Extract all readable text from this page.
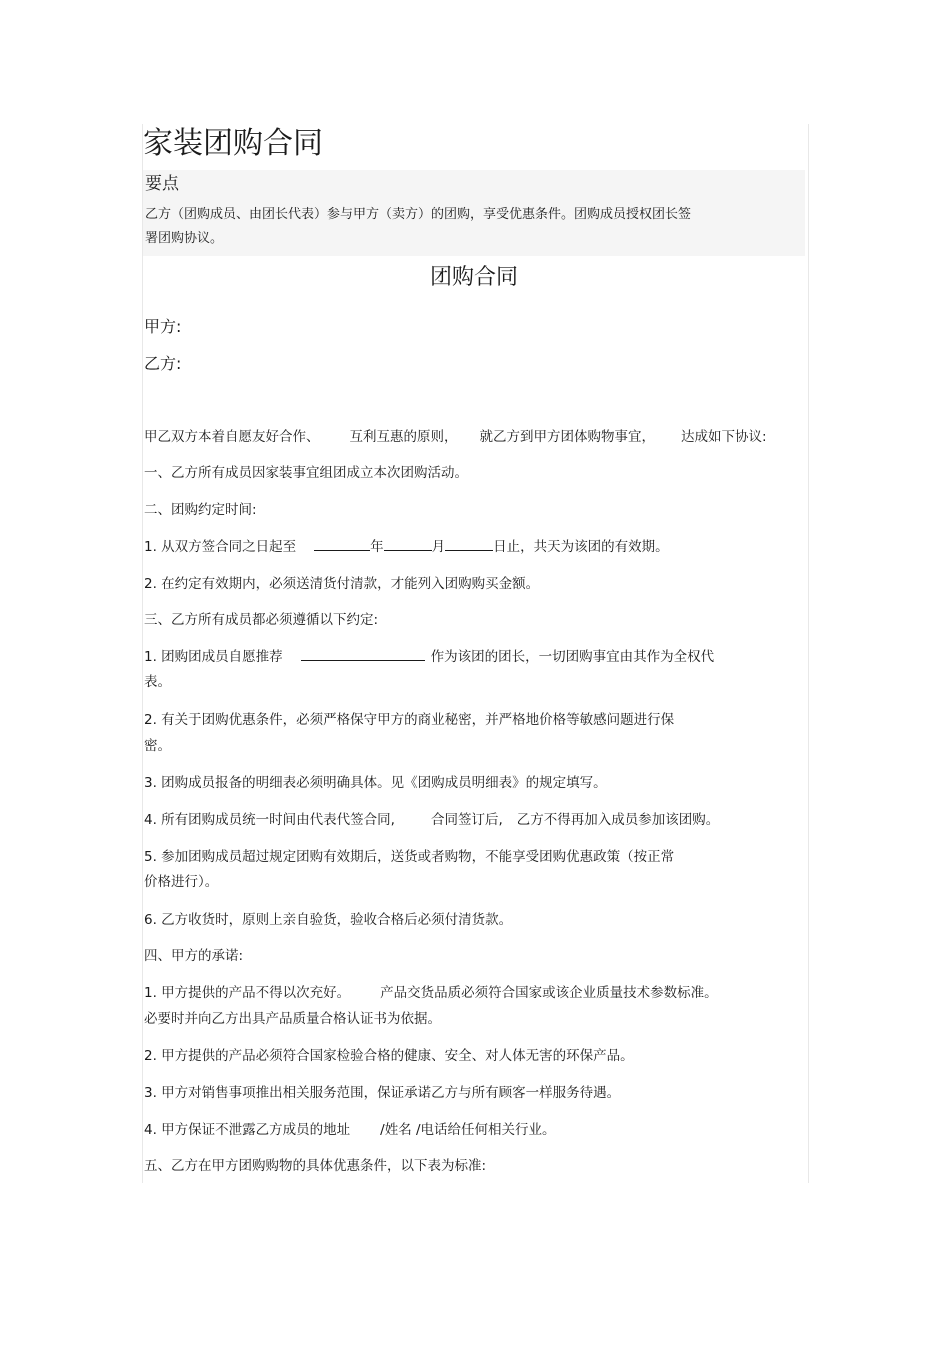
家装团购合同
要点
乙方（团购成员、由团长代表）参与甲方（卖方）的团购，享受优惠条件。团购成员授权团长签
署团购协议。
团购合同
甲方:
乙方:
甲乙双方本着自愿友好合作、 互利互惠的原则， 就乙方到甲方团体购物事宜， 达成如下协议:
一、乙方所有成员因家装事宜组团成立本次团购活动。
二、团购约定时间:
1. 从双方签合同之日起至	年	月	日止，共天为该团的有效期。
2. 在约定有效期内，必须送清货付清款，才能列入团购购买金额。
三、乙方所有成员都必须遵循以下约定:
1. 团购团成员自愿推荐	作为该团的团长，一切团购事宜由其作为全权代
表。
2. 有关于团购优惠条件，必须严格保守甲方的商业秘密，并严格地价格等敏感问题进行保
密。
3. 团购成员报备的明细表必须明确具体。见《团购成员明细表》的规定填写。
4. 所有团购成员统一时间由代表代签合同,	合同签订后, 乙方不得再加入成员参加该团购。
5. 参加团购成员超过规定团购有效期后，送货或者购物，不能享受团购优惠政策（按正常
价格进行）。
6. 乙方收货时，原则上亲自验货，验收合格后必须付清货款。
四、甲方的承诺:
1. 甲方提供的产品不得以次充好。 产品交货品质必须符合国家或该企业质量技术参数标准。
必要时并向乙方出具产品质量合格认证书为依据。
2. 甲方提供的产品必须符合国家检验合格的健康、安全、对人体无害的环保产品。
3. 甲方对销售事项推出相关服务范围，保证承诺乙方与所有顾客一样服务待遇。
4. 甲方保证不泄露乙方成员的地址 /姓名 /电话给任何相关行业。
五、乙方在甲方团购购物的具体优惠条件，以下表为标准:
